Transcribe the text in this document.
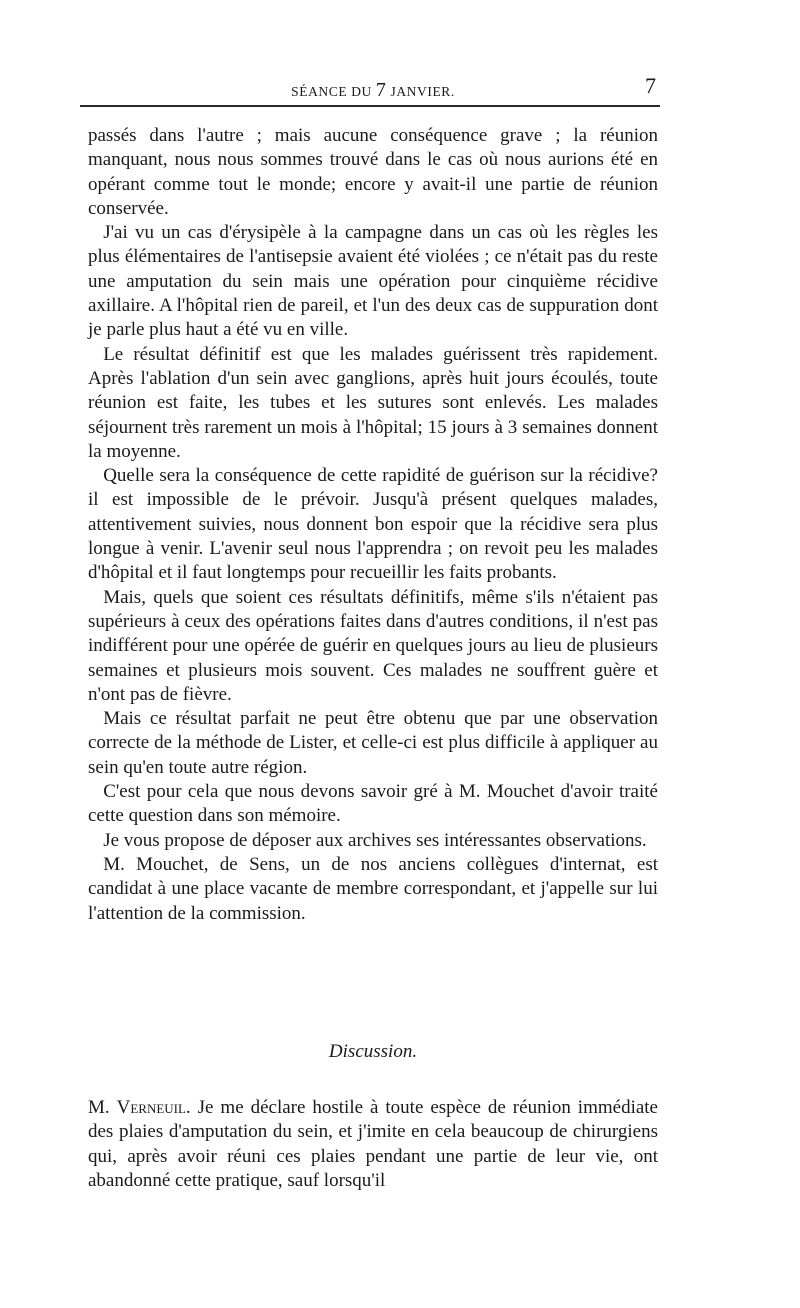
SÉANCE DU 7 JANVIER.	7

passés dans l'autre ; mais aucune conséquence grave ; la réunion manquant, nous nous sommes trouvé dans le cas où nous aurions été en opérant comme tout le monde; encore y avait-il une partie de réunion conservée.

J'ai vu un cas d'érysipèle à la campagne dans un cas où les règles les plus élémentaires de l'antisepsie avaient été violées ; ce n'était pas du reste une amputation du sein mais une opération pour cinquième récidive axillaire. A l'hôpital rien de pareil, et l'un des deux cas de suppuration dont je parle plus haut a été vu en ville.

Le résultat définitif est que les malades guérissent très rapidement. Après l'ablation d'un sein avec ganglions, après huit jours écoulés, toute réunion est faite, les tubes et les sutures sont enlevés. Les malades séjournent très rarement un mois à l'hôpital; 15 jours à 3 semaines donnent la moyenne.

Quelle sera la conséquence de cette rapidité de guérison sur la récidive? il est impossible de le prévoir. Jusqu'à présent quelques malades, attentivement suivies, nous donnent bon espoir que la récidive sera plus longue à venir. L'avenir seul nous l'apprendra ; on revoit peu les malades d'hôpital et il faut longtemps pour recueillir les faits probants.

Mais, quels que soient ces résultats définitifs, même s'ils n'étaient pas supérieurs à ceux des opérations faites dans d'autres conditions, il n'est pas indifférent pour une opérée de guérir en quelques jours au lieu de plusieurs semaines et plusieurs mois souvent. Ces malades ne souffrent guère et n'ont pas de fièvre.

Mais ce résultat parfait ne peut être obtenu que par une observation correcte de la méthode de Lister, et celle-ci est plus difficile à appliquer au sein qu'en toute autre région.

C'est pour cela que nous devons savoir gré à M. Mouchet d'avoir traité cette question dans son mémoire.

Je vous propose de déposer aux archives ses intéressantes observations.

M. Mouchet, de Sens, un de nos anciens collègues d'internat, est candidat à une place vacante de membre correspondant, et j'appelle sur lui l'attention de la commission.

Discussion.

M. Verneuil. Je me déclare hostile à toute espèce de réunion immédiate des plaies d'amputation du sein, et j'imite en cela beaucoup de chirurgiens qui, après avoir réuni ces plaies pendant une partie de leur vie, ont abandonné cette pratique, sauf lorsqu'il
